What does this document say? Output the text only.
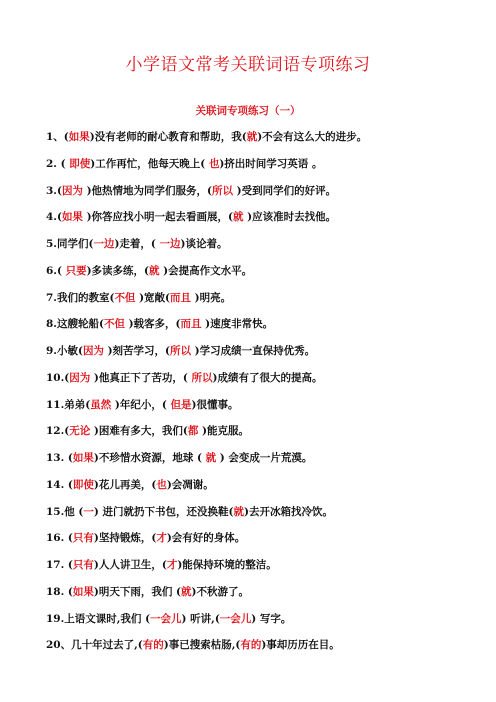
小学语文常考关联词语专项练习
关联词专项练习（一）
1、(如果)没有老师的耐心教育和帮助，我(就)不会有这么大的进步。
2. ( 即使)工作再忙，他每天晚上( 也)挤出时间学习英语 。
3.(因为 )他热情地为同学们服务，(所以 )受到同学们的好评。
4.(如果 )你答应找小明一起去看画展，(就 )应该准时去找他。
5.同学们(一边)走着，( 一边)谈论着。
6.( 只要)多读多练，(就 )会提高作文水平。
7.我们的教室(不但 )宽敞(而且 )明亮。
8.这艘轮船(不但 )载客多，(而且 )速度非常快。
9.小敏(因为 )刻苦学习，(所以 )学习成绩一直保持优秀。
10.(因为 )他真正下了苦功，( 所以)成绩有了很大的提高。
11.弟弟(虽然 )年纪小，( 但是)很懂事。
12.(无论 )困难有多大，我们(都 )能克服。
13. (如果)不珍惜水资源，地球 ( 就 ) 会变成一片荒漠。
14. (即使)花儿再美，(也)会凋谢。
15.他 (一) 进门就扔下书包，还没换鞋(就)去开冰箱找冷饮。
16. (只有)坚持锻炼，(才)会有好的身体。
17. (只有)人人讲卫生，(才)能保持环境的整洁。
18. (如果)明天下雨，我们 (就)不秋游了。
19.上语文课时,我们 (一会儿) 听讲,(一会儿) 写字。
20、几十年过去了,(有的)事已搜索枯肠,(有的)事却历历在目。
